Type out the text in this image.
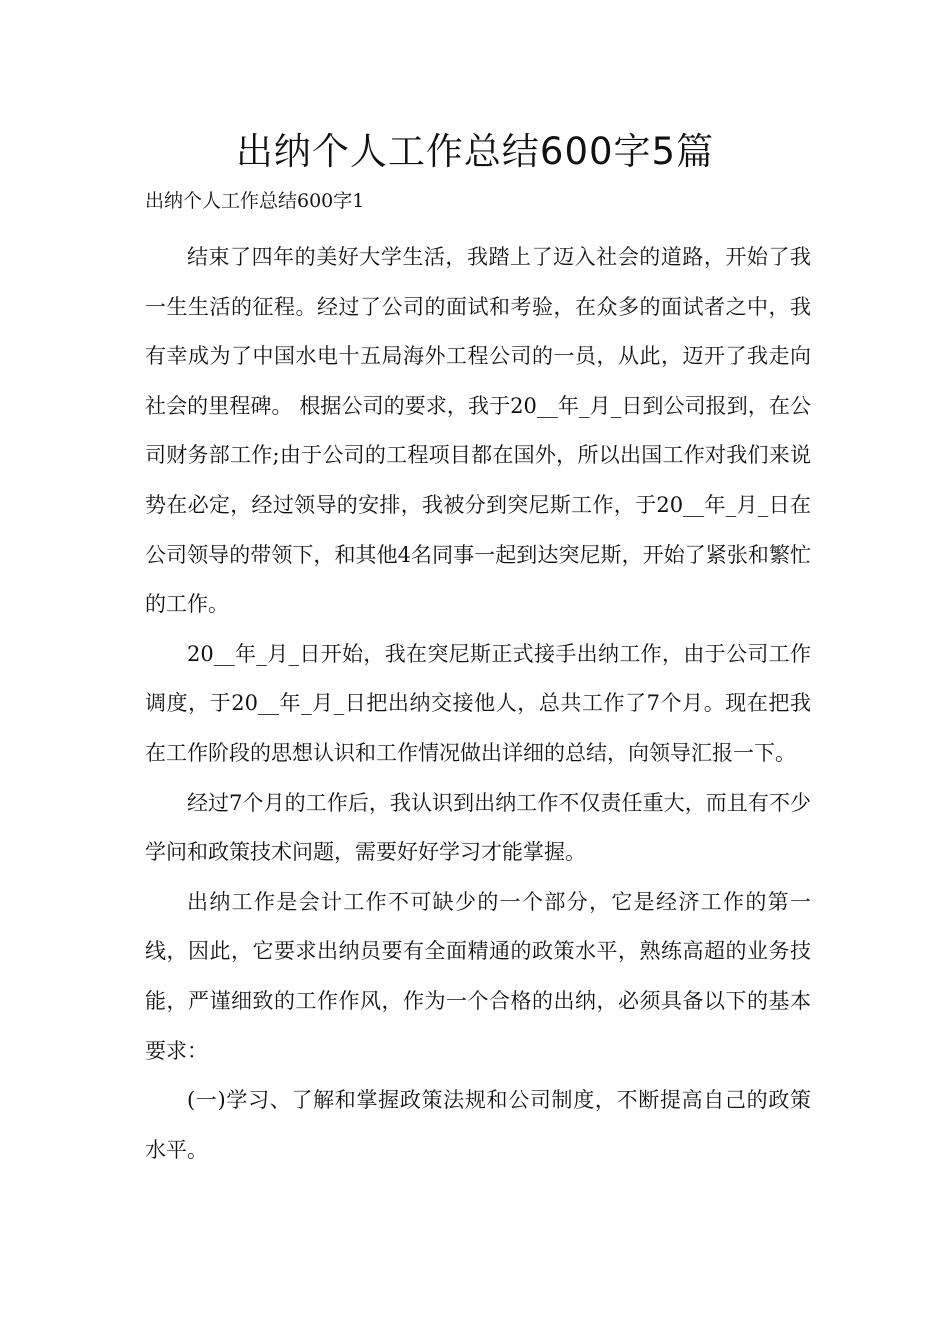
出纳个人工作总结600字5篇
出纳个人工作总结600字1

结束了四年的美好大学生活，我踏上了迈入社会的道路，开始了我一生生活的征程。经过了公司的面试和考验，在众多的面试者之中，我有幸成为了中国水电十五局海外工程公司的一员，从此，迈开了我走向社会的里程碑。 根据公司的要求，我于20__年_月_日到公司报到，在公司财务部工作;由于公司的工程项目都在国外，所以出国工作对我们来说势在必定，经过领导的安排，我被分到突尼斯工作，于20__年_月_日在公司领导的带领下，和其他4名同事一起到达突尼斯，开始了紧张和繁忙的工作。

20__年_月_日开始，我在突尼斯正式接手出纳工作，由于公司工作调度，于20__年_月_日把出纳交接他人，总共工作了7个月。现在把我在工作阶段的思想认识和工作情况做出详细的总结，向领导汇报一下。

经过7个月的工作后，我认识到出纳工作不仅责任重大，而且有不少学问和政策技术问题，需要好好学习才能掌握。

出纳工作是会计工作不可缺少的一个部分，它是经济工作的第一线，因此，它要求出纳员要有全面精通的政策水平，熟练高超的业务技能，严谨细致的工作作风，作为一个合格的出纳，必须具备以下的基本要求：

(一)学习、了解和掌握政策法规和公司制度，不断提高自己的政策水平。
